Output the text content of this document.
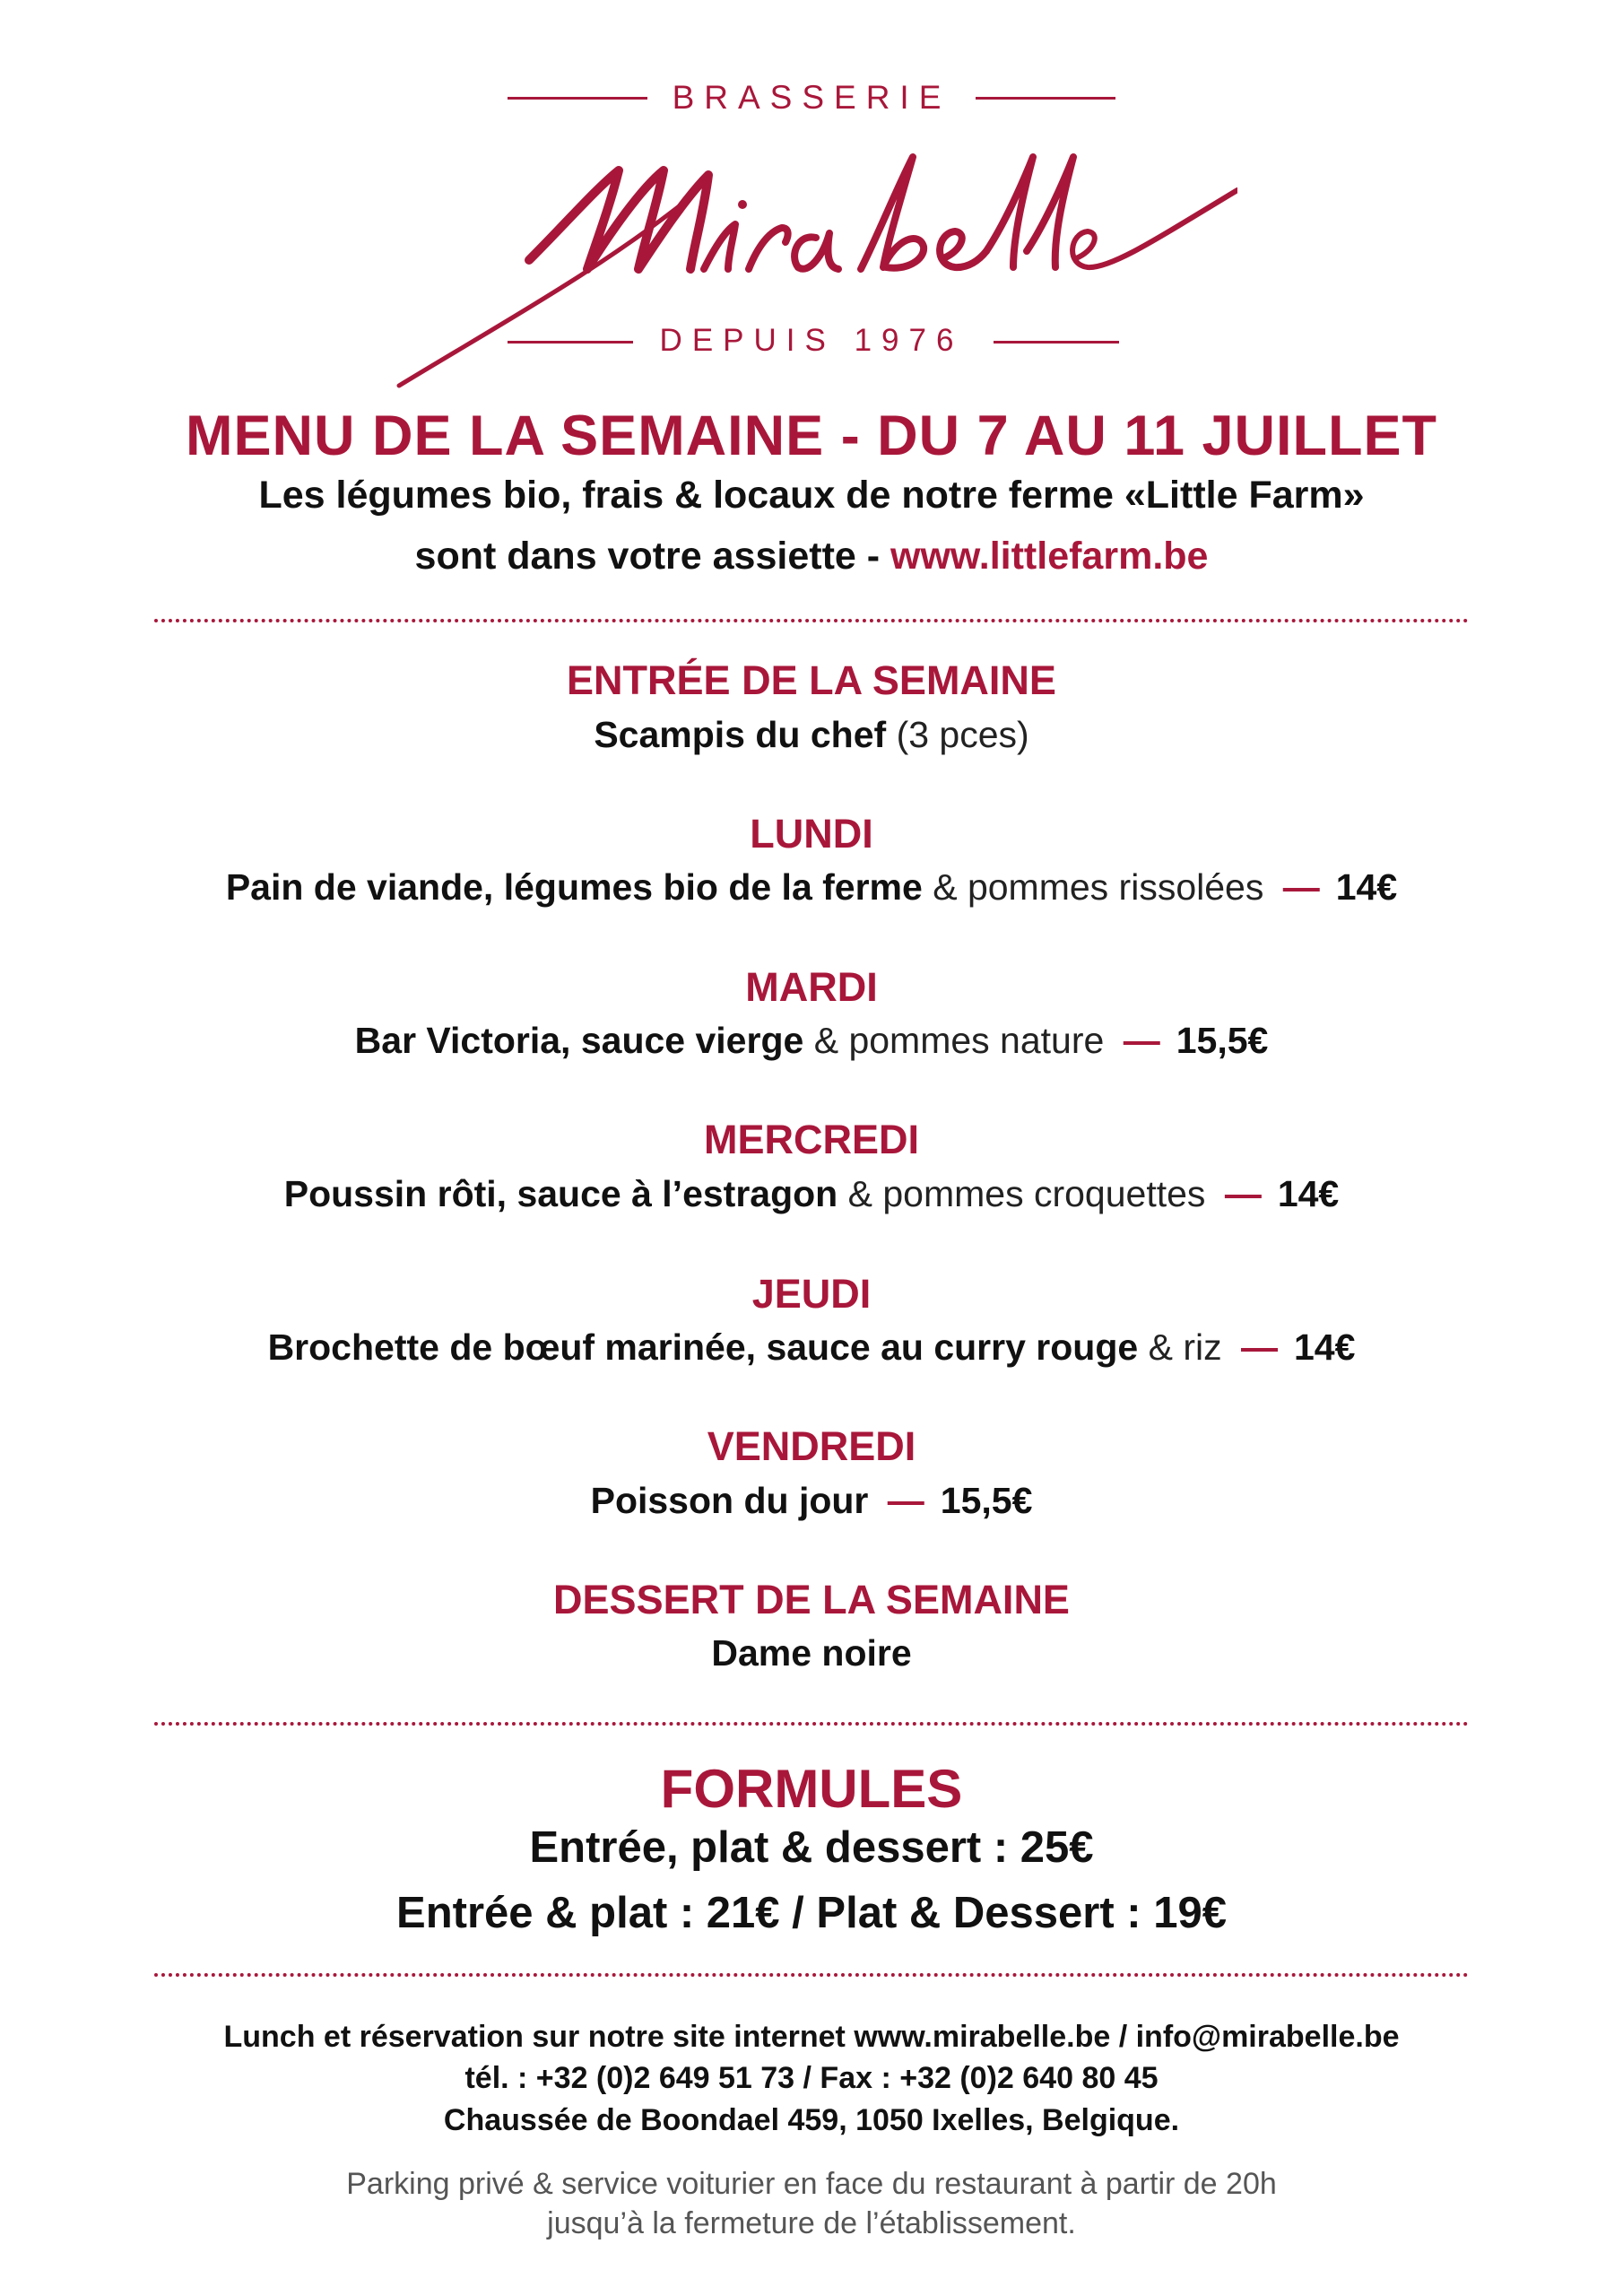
BRASSERIE
DEPUIS 1976
MENU DE LA SEMAINE - DU 7 AU 11 JUILLET
Les légumes bio, frais & locaux de notre ferme «Little Farm»
sont dans votre assiette - www.littlefarm.be
ENTRÉE DE LA SEMAINE
Scampis du chef (3 pces)
LUNDI
Pain de viande, légumes bio de la ferme & pommes rissolées — 14€
MARDI
Bar Victoria, sauce vierge & pommes nature — 15,5€
MERCREDI
Poussin rôti, sauce à l’estragon & pommes croquettes — 14€
JEUDI
Brochette de bœuf marinée, sauce au curry rouge & riz — 14€
VENDREDI
Poisson du jour — 15,5€
DESSERT DE LA SEMAINE
Dame noire
FORMULES
Entrée, plat & dessert : 25€
Entrée & plat : 21€ / Plat & Dessert : 19€
Lunch et réservation sur notre site internet www.mirabelle.be / info@mirabelle.be
tél. : +32 (0)2 649 51 73 / Fax : +32 (0)2 640 80 45
Chaussée de Boondael 459, 1050 Ixelles, Belgique.
Parking privé & service voiturier en face du restaurant à partir de 20h
jusqu’à la fermeture de l’établissement.
